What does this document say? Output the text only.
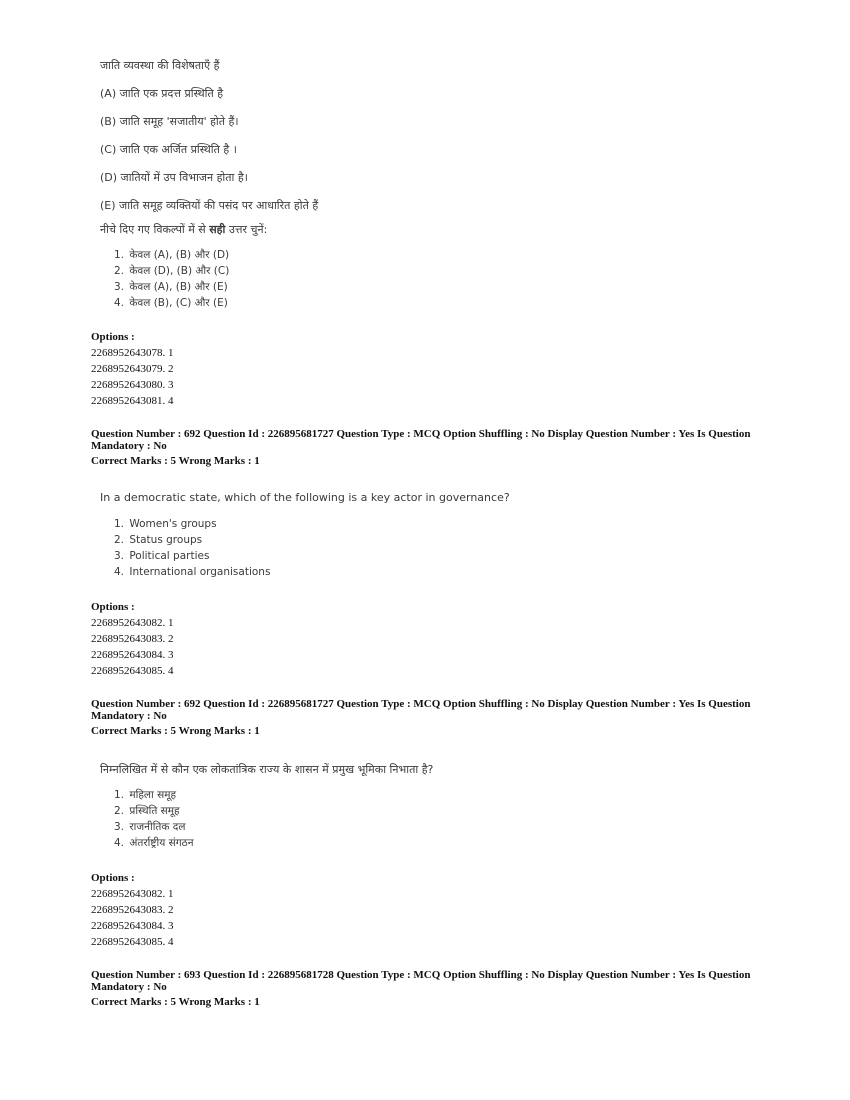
जाति व्यवस्था की विशेषताएँ हैं

(A) जाति एक प्रदत्त प्रस्थिति है

(B) जाति समूह 'सजातीय' होते हैं।

(C) जाति एक अर्जित प्रस्थिति है ।

(D) जातियों में उप विभाजन होता है।

(E) जाति समूह व्यक्तियों की पसंद पर आधारित होते हैं

नीचे दिए गए विकल्पों में से सही उत्तर चुनें:

1. केवल (A), (B) और (D)
2. केवल (D), (B) और (C)
3. केवल (A), (B) और (E)
4. केवल (B), (C) और (E)
Options :
2268952643078. 1
2268952643079. 2
2268952643080. 3
2268952643081. 4
Question Number : 692 Question Id : 226895681727 Question Type : MCQ Option Shuffling : No Display Question Number : Yes Is Question
Mandatory : No
Correct Marks : 5 Wrong Marks : 1

In a democratic state, which of the following is a key actor in governance?

1. Women's groups
2. Status groups
3. Political parties
4. International organisations
Options :
2268952643082. 1
2268952643083. 2
2268952643084. 3
2268952643085. 4
Question Number : 692 Question Id : 226895681727 Question Type : MCQ Option Shuffling : No Display Question Number : Yes Is Question
Mandatory : No
Correct Marks : 5 Wrong Marks : 1

निम्नलिखित में से कौन एक लोकतांत्रिक राज्य के शासन में प्रमुख भूमिका निभाता है?

1. महिला समूह
2. प्रस्थिति समूह
3. राजनीतिक दल
4. अंतर्राष्ट्रीय संगठन
Options :
2268952643082. 1
2268952643083. 2
2268952643084. 3
2268952643085. 4
Question Number : 693 Question Id : 226895681728 Question Type : MCQ Option Shuffling : No Display Question Number : Yes Is Question
Mandatory : No
Correct Marks : 5 Wrong Marks : 1
